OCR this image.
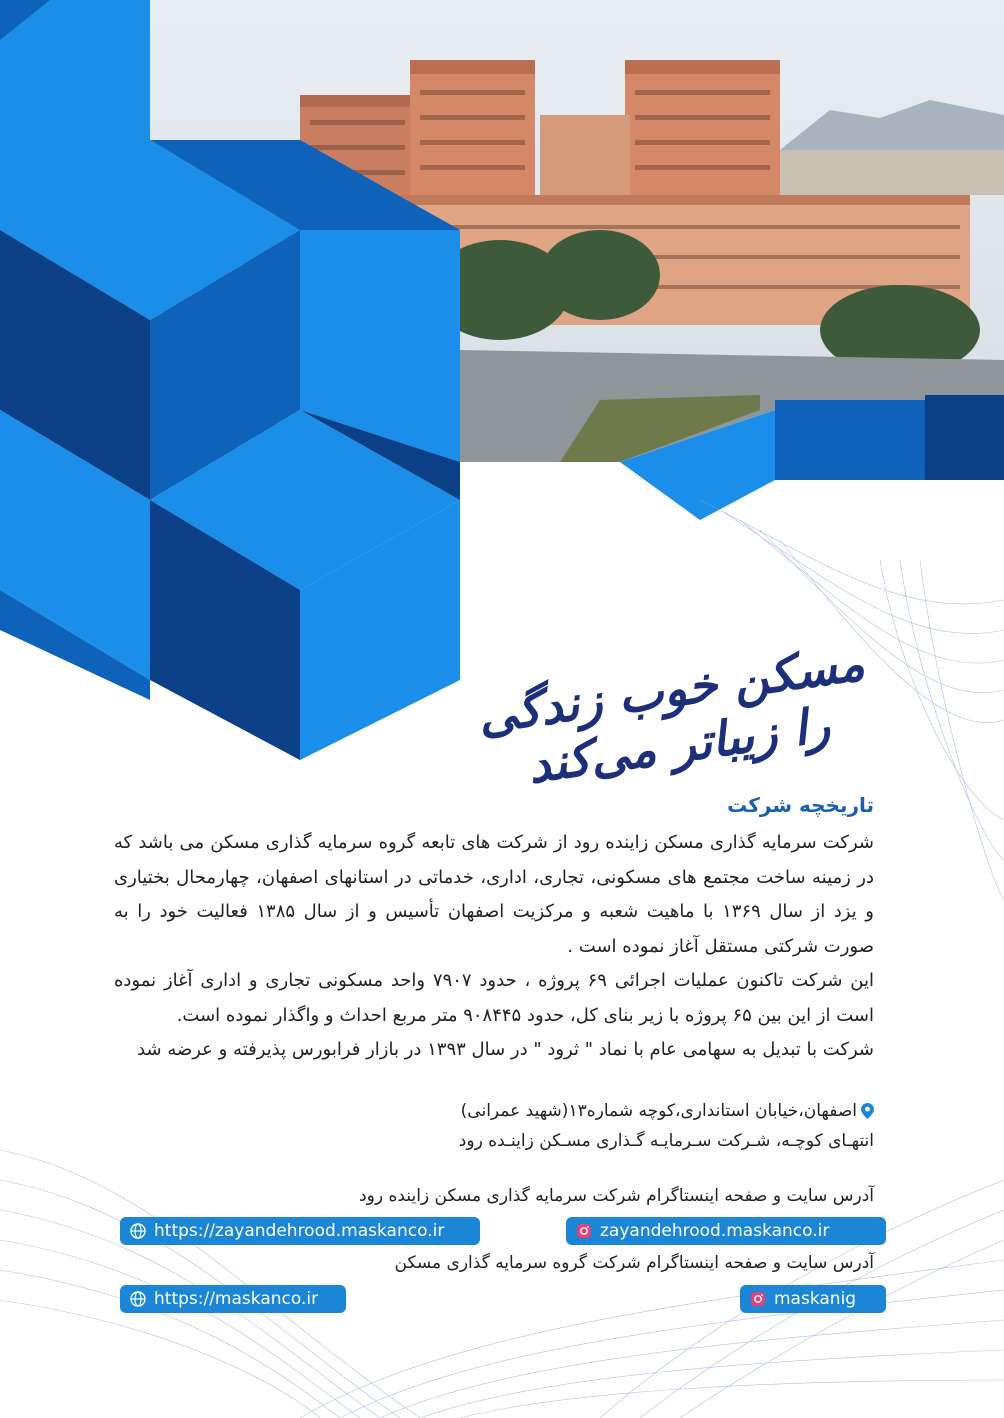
مسکن خوب زندگی را زیباتر می‌کند
تاریخچه شرکت

شرکت سرمایه گذاری مسکن زاینده رود از شرکت های تابعه گروه سرمایه گذاری مسکن می باشد که در زمینه ساخت مجتمع های مسکونی، تجاری، اداری، خدماتی در استانهای اصفهان، چهارمحال بختیاری و یزد از سال ۱۳۶۹ با ماهیت شعبه و مرکزیت اصفهان تأسیس و از سال ۱۳۸۵ فعالیت خود را به صورت شرکتی مستقل آغاز نموده است .

این شرکت تاکنون عملیات اجرائی ۶۹ پروژه ، حدود ۷۹۰۷ واحد مسکونی تجاری و اداری آغاز نموده است از این بین ۶۵ پروژه با زیر بنای کل، حدود ۹۰۸۴۴۵ متر مربع احداث و واگذار نموده است.

شرکت با تبدیل به سهامی عام با نماد " ثرود " در سال ۱۳۹۳ در بازار فرابورس پذیرفته و عرضه شد

اصفهان،خیابان استانداری،کوچه شماره۱۳(شهید عمرانی)
انتهـای کوچـه، شـرکت سـرمایـه گـذاری مسـکن زاینـده رود
آدرس سایت و صفحه اینستاگرام شرکت سرمایه گذاری مسکن زاینده رود
https://zayandehrood.maskanco.ir	zayandehrood.maskanco.ir
آدرس سایت و صفحه اینستاگرام شرکت گروه سرمایه گذاری مسکن
https://maskanco.ir	maskanig
